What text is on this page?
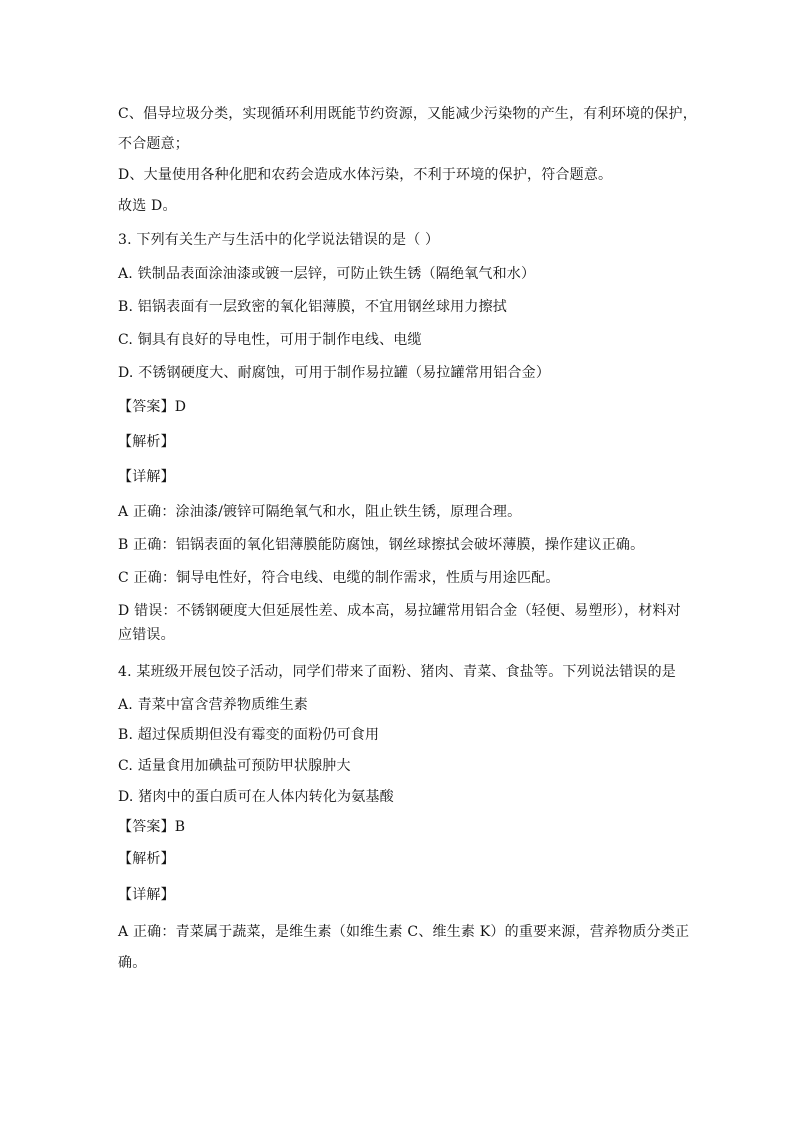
C、倡导垃圾分类，实现循环利用既能节约资源，又能减少污染物的产生，有利环境的保护，
不合题意；
D、大量使用各种化肥和农药会造成水体污染，不利于环境的保护，符合题意。
故选 D。
3. 下列有关生产与生活中的化学说法错误的是（ ）
A. 铁制品表面涂油漆或镀一层锌，可防止铁生锈（隔绝氧气和水）
B. 铝锅表面有一层致密的氧化铝薄膜，不宜用钢丝球用力擦拭
C. 铜具有良好的导电性，可用于制作电线、电缆
D. 不锈钢硬度大、耐腐蚀，可用于制作易拉罐（易拉罐常用铝合金）
【答案】D
【解析】
【详解】
A 正确：涂油漆/镀锌可隔绝氧气和水，阻止铁生锈，原理合理。
B 正确：铝锅表面的氧化铝薄膜能防腐蚀，钢丝球擦拭会破坏薄膜，操作建议正确。
C 正确：铜导电性好，符合电线、电缆的制作需求，性质与用途匹配。
D 错误：不锈钢硬度大但延展性差、成本高，易拉罐常用铝合金（轻便、易塑形），材料对
应错误。
4. 某班级开展包饺子活动，同学们带来了面粉、猪肉、青菜、食盐等。下列说法错误的是
A. 青菜中富含营养物质维生素
B. 超过保质期但没有霉变的面粉仍可食用
C. 适量食用加碘盐可预防甲状腺肿大
D. 猪肉中的蛋白质可在人体内转化为氨基酸
【答案】B
【解析】
【详解】
A 正确：青菜属于蔬菜，是维生素（如维生素 C、维生素 K）的重要来源，营养物质分类正
确。
